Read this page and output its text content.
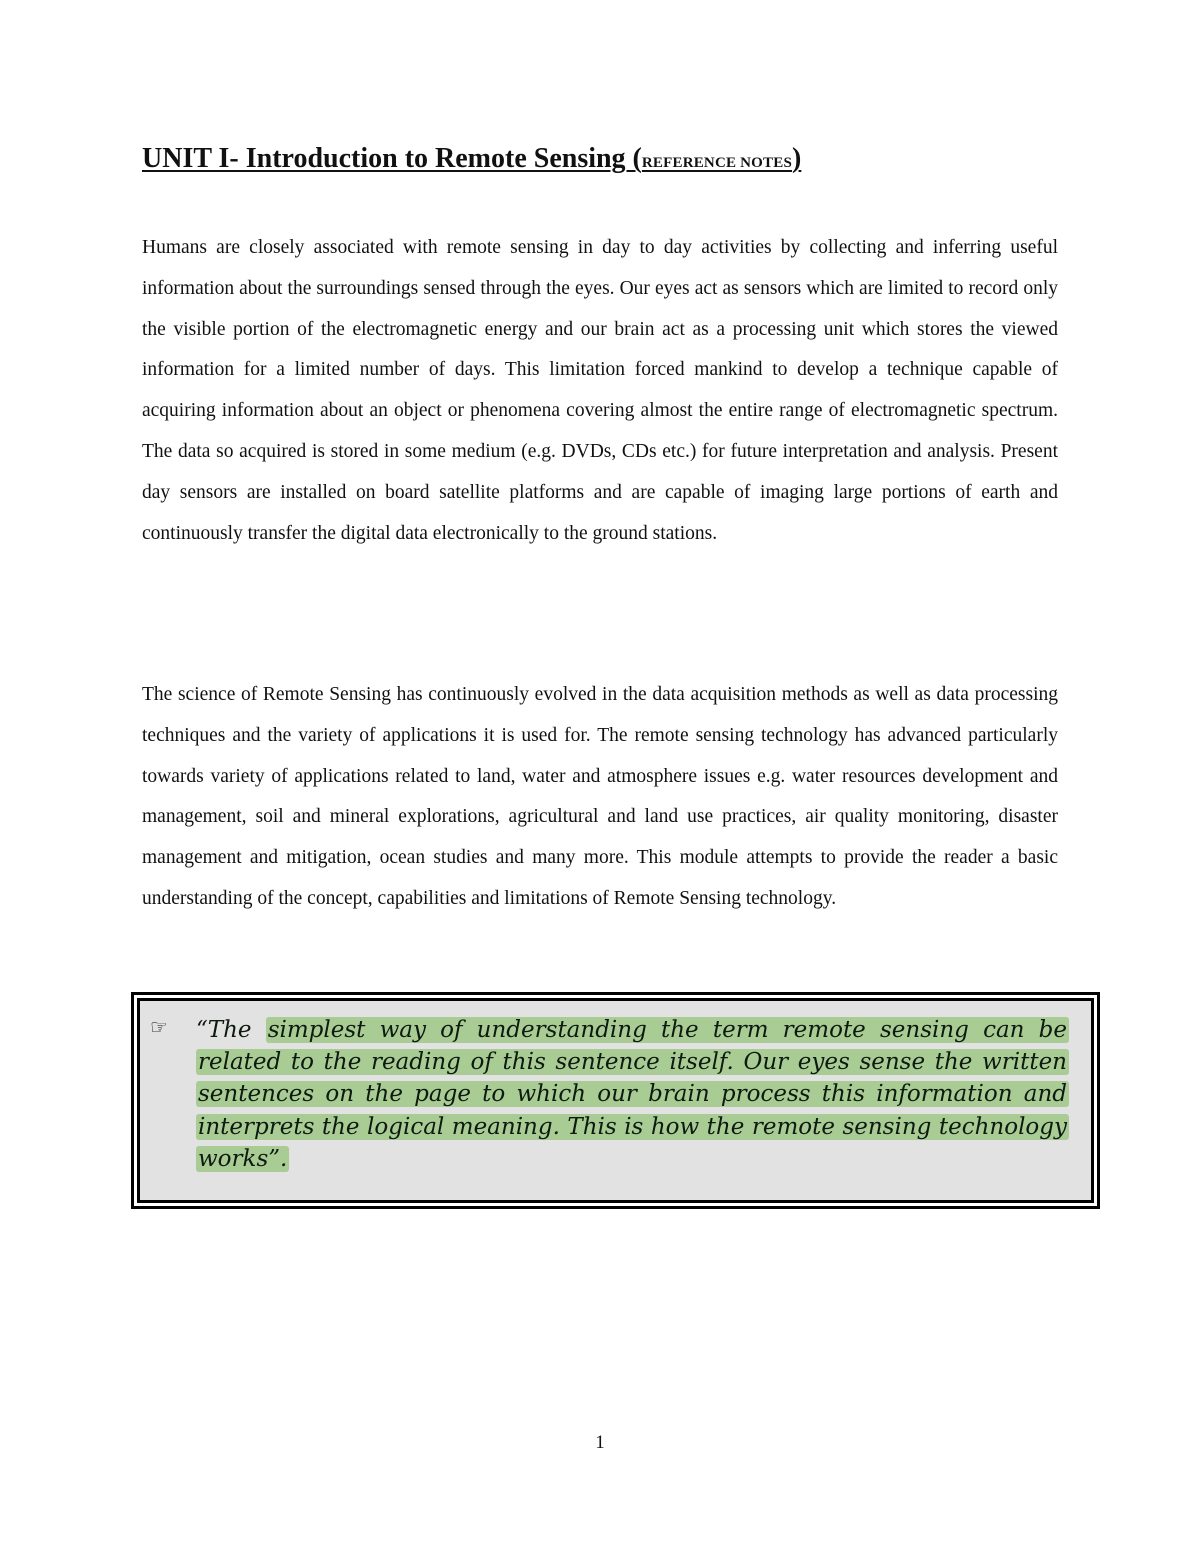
UNIT I- Introduction to Remote Sensing (REFERENCE NOTES)

Humans are closely associated with remote sensing in day to day activities by collecting and inferring useful information about the surroundings sensed through the eyes. Our eyes act as sensors which are limited to record only the visible portion of the electromagnetic energy and our brain act as a processing unit which stores the viewed information for a limited number of days. This limitation forced mankind to develop a technique capable of acquiring information about an object or phenomena covering almost the entire range of electromagnetic spectrum. The data so acquired is stored in some medium (e.g. DVDs, CDs etc.) for future interpretation and analysis. Present day sensors are installed on board satellite platforms and are capable of imaging large portions of earth and continuously transfer the digital data electronically to the ground stations.

The science of Remote Sensing has continuously evolved in the data acquisition methods as well as data processing techniques and the variety of applications it is used for. The remote sensing technology has advanced particularly towards variety of applications related to land, water and atmosphere issues e.g. water resources development and management, soil and mineral explorations, agricultural and land use practices, air quality monitoring, disaster management and mitigation, ocean studies and many more. This module attempts to provide the reader a basic understanding of the concept, capabilities and limitations of Remote Sensing technology.

☞ “The simplest way of understanding the term remote sensing can be related to the reading of this sentence itself. Our eyes sense the written sentences on the page to which our brain process this information and interprets the logical meaning. This is how the remote sensing technology works”.

1
